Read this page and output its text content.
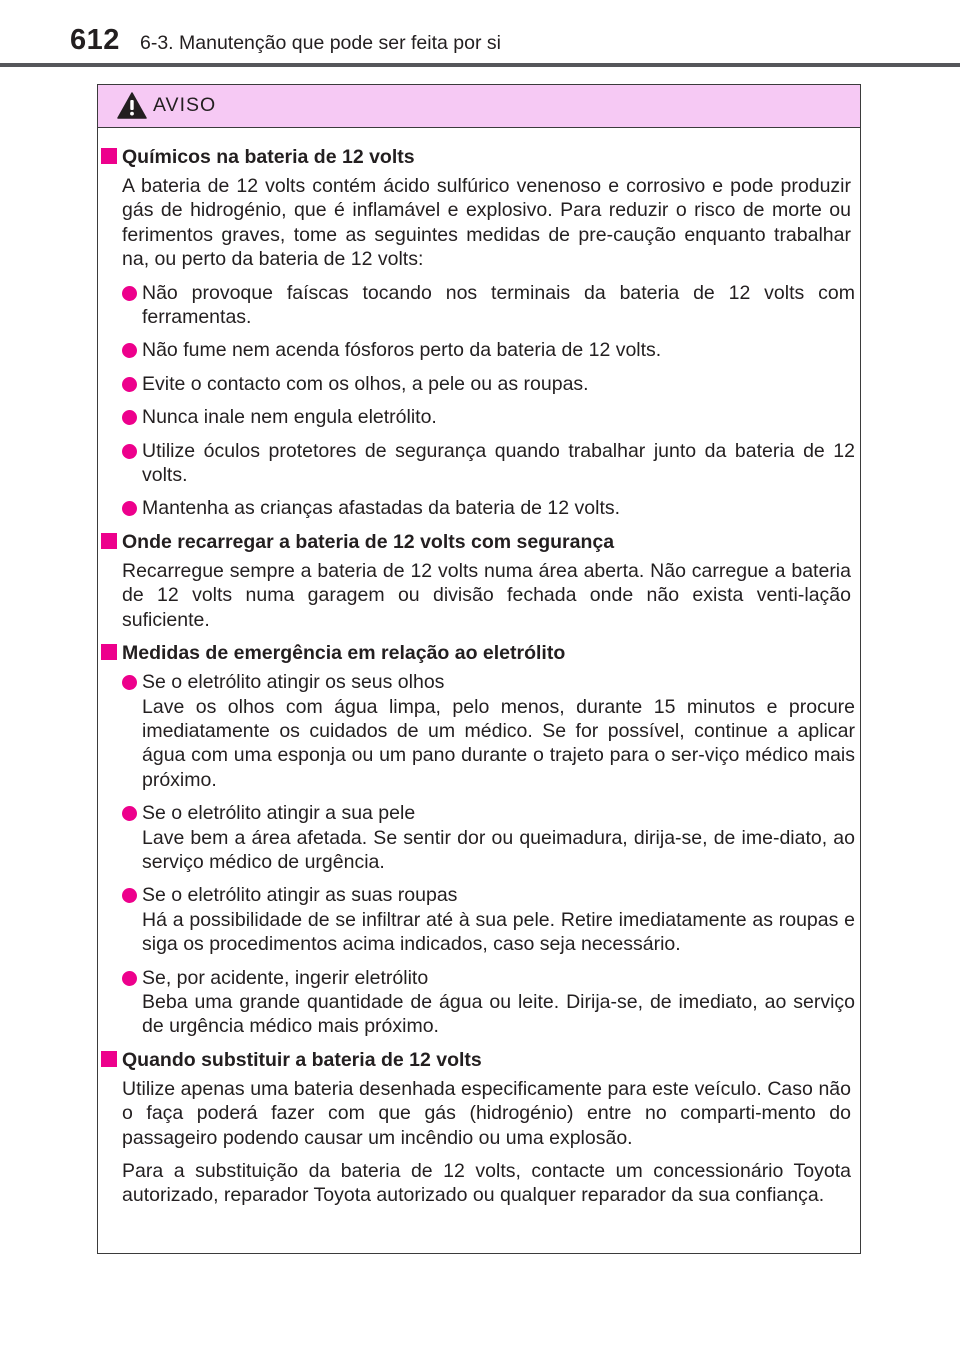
612 6-3. Manutenção que pode ser feita por si
AVISO
Químicos na bateria de 12 volts

A bateria de 12 volts contém ácido sulfúrico venenoso e corrosivo e pode produzir gás de hidrogénio, que é inflamável e explosivo. Para reduzir o risco de morte ou ferimentos graves, tome as seguintes medidas de pre-caução enquanto trabalhar na, ou perto da bateria de 12 volts:

Não provoque faíscas tocando nos terminais da bateria de 12 volts com ferramentas.
Não fume nem acenda fósforos perto da bateria de 12 volts.
Evite o contacto com os olhos, a pele ou as roupas.
Nunca inale nem engula eletrólito.
Utilize óculos protetores de segurança quando trabalhar junto da bateria de 12 volts.
Mantenha as crianças afastadas da bateria de 12 volts.
Onde recarregar a bateria de 12 volts com segurança

Recarregue sempre a bateria de 12 volts numa área aberta. Não carregue a bateria de 12 volts numa garagem ou divisão fechada onde não exista venti-lação suficiente.

Medidas de emergência em relação ao eletrólito
Se o eletrólito atingir os seus olhos
Lave os olhos com água limpa, pelo menos, durante 15 minutos e procure imediatamente os cuidados de um médico. Se for possível, continue a aplicar água com uma esponja ou um pano durante o trajeto para o ser-viço médico mais próximo.
Se o eletrólito atingir a sua pele
Lave bem a área afetada. Se sentir dor ou queimadura, dirija-se, de ime-diato, ao serviço médico de urgência.
Se o eletrólito atingir as suas roupas
Há a possibilidade de se infiltrar até à sua pele. Retire imediatamente as roupas e siga os procedimentos acima indicados, caso seja necessário.
Se, por acidente, ingerir eletrólito
Beba uma grande quantidade de água ou leite. Dirija-se, de imediato, ao serviço de urgência médico mais próximo.
Quando substituir a bateria de 12 volts

Utilize apenas uma bateria desenhada especificamente para este veículo. Caso não o faça poderá fazer com que gás (hidrogénio) entre no comparti-mento do passageiro podendo causar um incêndio ou uma explosão.

Para a substituição da bateria de 12 volts, contacte um concessionário Toyota autorizado, reparador Toyota autorizado ou qualquer reparador da sua confiança.
